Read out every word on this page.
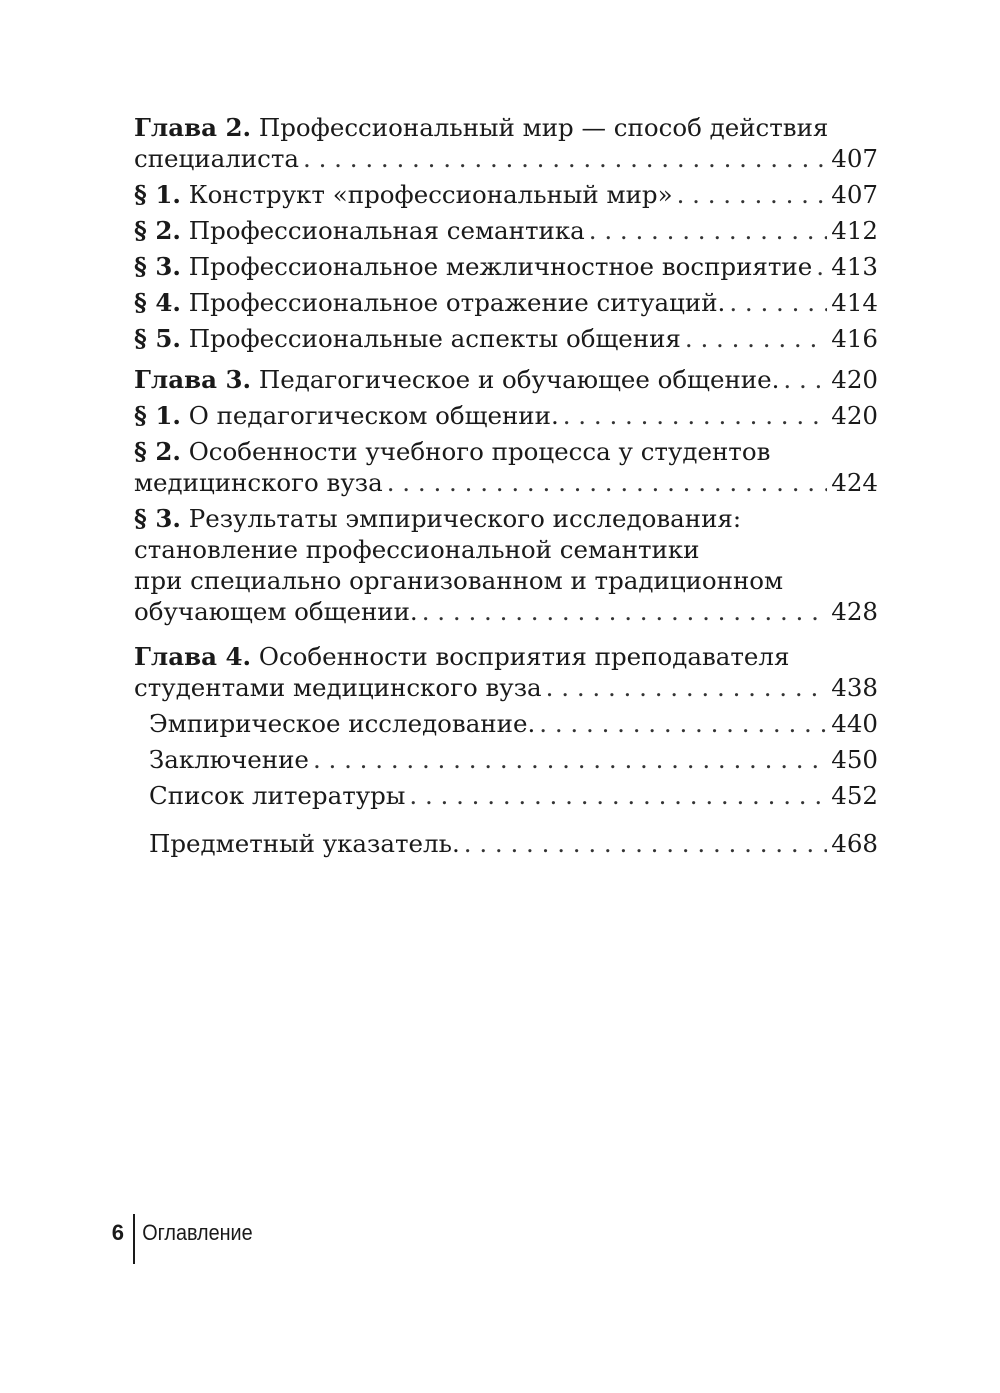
Глава 2. Профессиональный мир — способ действия
специалиста . . .	407
§ 1. Конструкт «профессиональный мир» . . .	407
§ 2. Профессиональная семантика . . .	412
§ 3. Профессиональное межличностное восприятие . . . 413
§ 4. Профессиональное отражение ситуаций. . . .	414
§ 5. Профессиональные аспекты общения . . .	416
Глава 3. Педагогическое и обучающее общение. . . . 420
§ 1. О педагогическом общении. . . .	420
§ 2. Особенности учебного процесса у студентов
медицинского вуза . . .	424
§ 3. Результаты эмпирического исследования:
становление профессиональной семантики
при специально организованном и традиционном
обучающем общении. . . .	428
Глава 4. Особенности восприятия преподавателя
студентами медицинского вуза . . .	438
Эмпирическое исследование. . . .	440
Заключение . . .	450
Список литературы . . .	452
Предметный указатель. . . .	468
6 Оглавление
